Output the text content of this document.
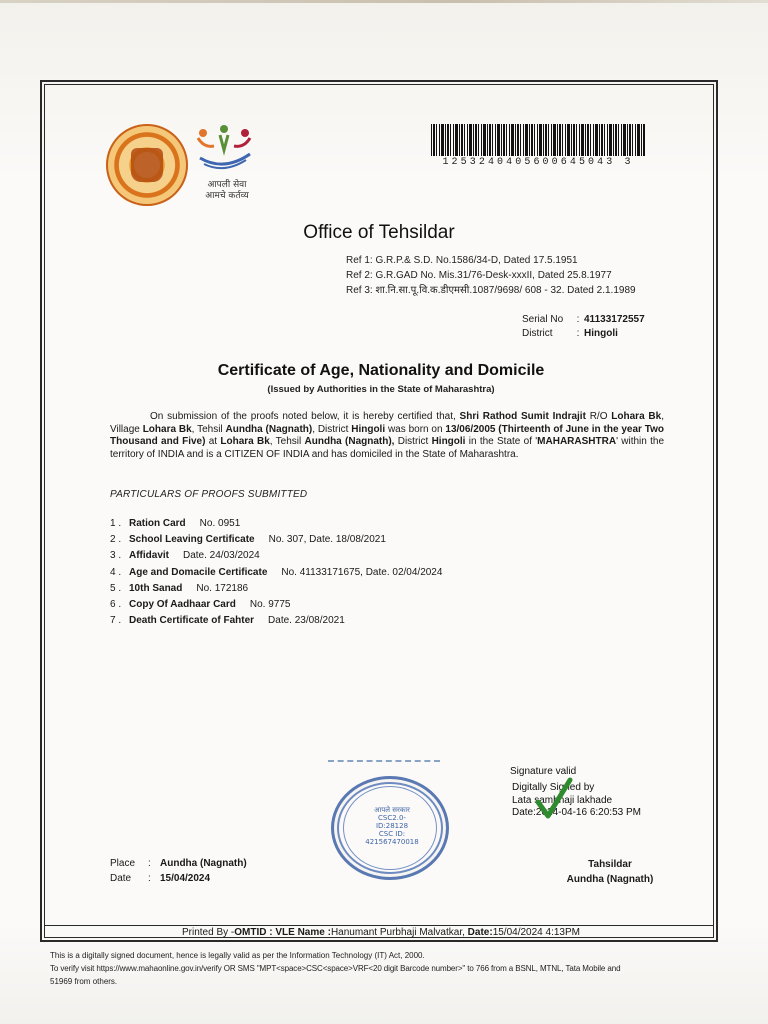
आपली सेवा
आमचे कर्तव्य
1253240405600645043 3
Office of Tehsildar
Ref 1: G.R.P.& S.D. No.1586/34-D, Dated 17.5.1951
Ref 2: G.R.GAD No. Mis.31/76-Desk-xxxII, Dated 25.8.1977
Ref 3: शा.नि.सा.पू.वि.क.डीएमसी.1087/9698/ 608 - 32. Dated 2.1.1989
Serial No	: 41133172557
District	: Hingoli
Certificate of Age, Nationality and Domicile
(Issued by Authorities in the State of Maharashtra)
On submission of the proofs noted below, it is hereby certified that, Shri Rathod Sumit Indrajit R/O Lohara Bk, Village Lohara Bk, Tehsil Aundha (Nagnath), District Hingoli was born on 13/06/2005 (Thirteenth of June in the year Two Thousand and Five) at Lohara Bk, Tehsil Aundha (Nagnath), District Hingoli in the State of 'MAHARASHTRA' within the territory of INDIA and is a CITIZEN OF INDIA and has domiciled in the State of Maharashtra.
PARTICULARS OF PROOFS SUBMITTED
1 . Ration Card No. 0951
2 . School Leaving Certificate No. 307, Date. 18/08/2021
3 . Affidavit Date. 24/03/2024
4 . Age and Domacile Certificate No. 41133171675, Date. 02/04/2024
5 . 10th Sanad No. 172186
6 . Copy Of Aadhaar Card No. 9775
7 . Death Certificate of Fahter Date. 23/08/2021
आपले सरकार
CSC2.0-ID:28128
CSC ID:
421567470018
Signature valid
Digitally Signed by
Lata sambhaji lakhade
Date:2024-04-16 6:20:53 PM
Place	: Aundha (Nagnath)
Date	: 15/04/2024
Tahsildar
Aundha (Nagnath)
Printed By -OMTID : VLE Name :Hanumant Purbhaji Malvatkar, Date:15/04/2024 4:13PM
This is a digitally signed document, hence is legally valid as per the Information Technology (IT) Act, 2000.
To verify visit https://www.mahaonline.gov.in/verify OR SMS "MPT<space>CSC<space>VRF<20 digit Barcode number>" to 766 from a BSNL, MTNL, Tata Mobile and
51969 from others.
